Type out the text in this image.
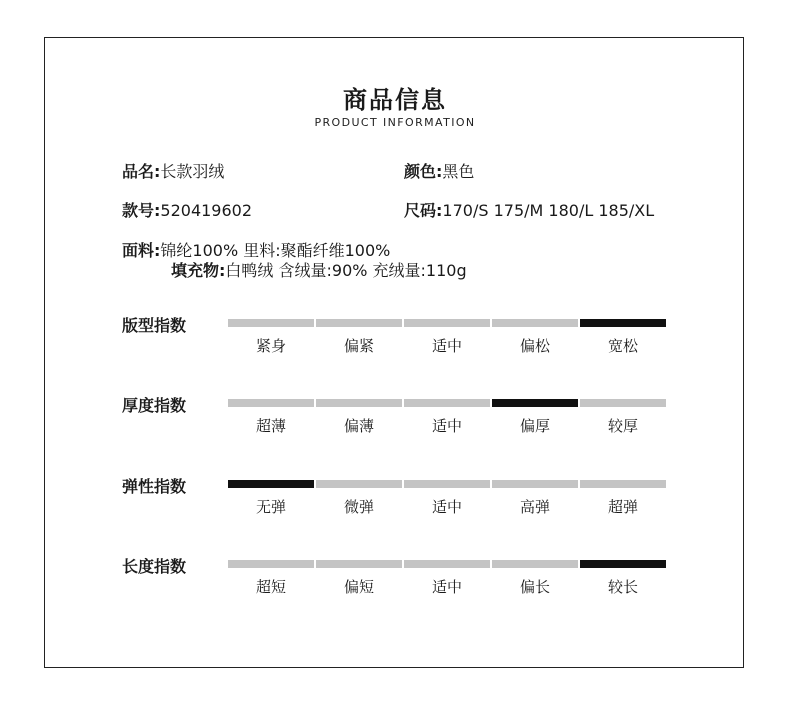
商品信息
PRODUCT INFORMATION
品名:长款羽绒	颜色:黑色
款号:520419602	尺码:170/S 175/M 180/L 185/XL
面料:锦纶100% 里料:聚酯纤维100%
填充物:白鸭绒 含绒量:90% 充绒量:110g
版型指数
紧身	偏紧	适中	偏松	宽松
厚度指数
超薄	偏薄	适中	偏厚	较厚
弹性指数
无弹	微弹	适中	高弹	超弹
长度指数
超短	偏短	适中	偏长	较长
